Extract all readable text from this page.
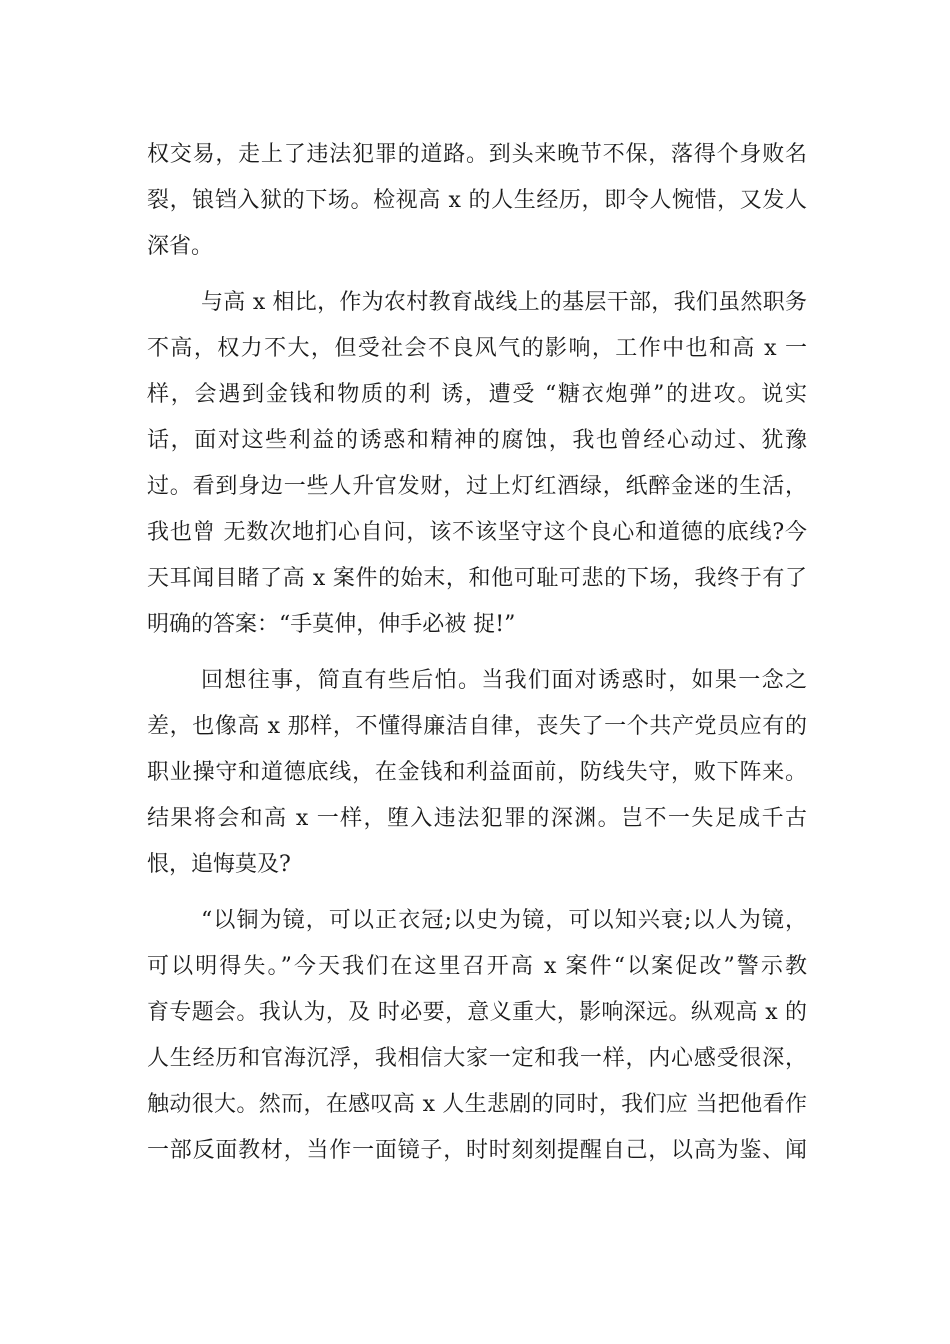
权交易，走上了违法犯罪的道路。到头来晚节不保，落得个身败名
裂，锒铛入狱的下场。检视高 x 的人生经历，即令人惋惜，又发人
深省。
与高 x 相比，作为农村教育战线上的基层干部，我们虽然职务
不高，权力不大，但受社会不良风气的影响，工作中也和高 x 一
样，会遇到金钱和物质的利 诱，遭受 “糖衣炮弹”的进攻。说实
话，面对这些利益的诱惑和精神的腐蚀，我也曾经心动过、犹豫
过。看到身边一些人升官发财，过上灯红酒绿，纸醉金迷的生活，
我也曾 无数次地扪心自问，该不该坚守这个良心和道德的底线?今
天耳闻目睹了高 x 案件的始末，和他可耻可悲的下场，我终于有了
明确的答案：“手莫伸，伸手必被 捉!”
回想往事，简直有些后怕。当我们面对诱惑时，如果一念之
差，也像高 x 那样，不懂得廉洁自律，丧失了一个共产党员应有的
职业操守和道德底线，在金钱和利益面前，防线失守，败下阵来。
结果将会和高 x 一样，堕入违法犯罪的深渊。岂不一失足成千古
恨，追悔莫及?
“以铜为镜，可以正衣冠;以史为镜，可以知兴衰;以人为镜，
可以明得失。”今天我们在这里召开高 x 案件“以案促改”警示教
育专题会。我认为，及 时必要，意义重大，影响深远。纵观高 x 的
人生经历和官海沉浮，我相信大家一定和我一样，内心感受很深，
触动很大。然而，在感叹高 x 人生悲剧的同时，我们应 当把他看作
一部反面教材，当作一面镜子，时时刻刻提醒自己，以高为鉴、闻
